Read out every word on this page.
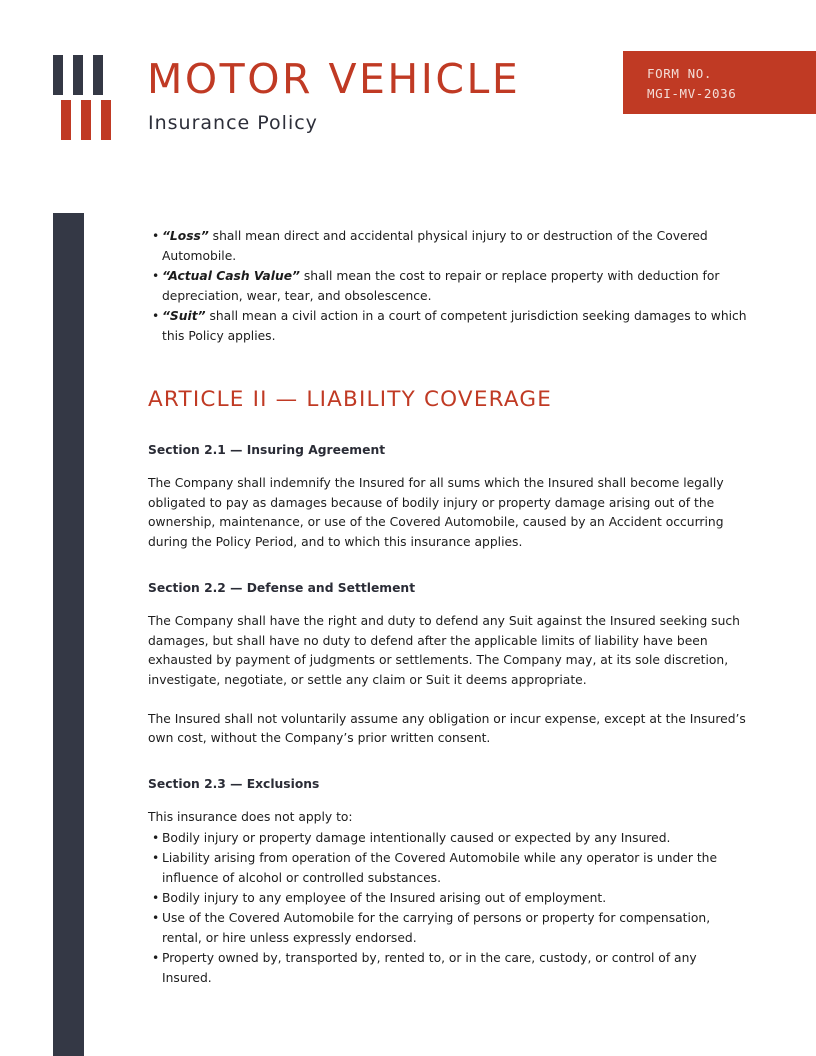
MOTOR VEHICLE
Insurance Policy
FORM NO.
MGI-MV-2036
• “Loss” shall mean direct and accidental physical injury to or destruction of the Covered Automobile.
• “Actual Cash Value” shall mean the cost to repair or replace property with deduction for depreciation, wear, tear, and obsolescence.
• “Suit” shall mean a civil action in a court of competent jurisdiction seeking damages to which this Policy applies.
ARTICLE II — LIABILITY COVERAGE
Section 2.1 — Insuring Agreement

The Company shall indemnify the Insured for all sums which the Insured shall become legally obligated to pay as damages because of bodily injury or property damage arising out of the ownership, maintenance, or use of the Covered Automobile, caused by an Accident occurring during the Policy Period, and to which this insurance applies.

Section 2.2 — Defense and Settlement

The Company shall have the right and duty to defend any Suit against the Insured seeking such damages, but shall have no duty to defend after the applicable limits of liability have been exhausted by payment of judgments or settlements. The Company may, at its sole discretion, investigate, negotiate, or settle any claim or Suit it deems appropriate.

The Insured shall not voluntarily assume any obligation or incur expense, except at the Insured’s own cost, without the Company’s prior written consent.

Section 2.3 — Exclusions

This insurance does not apply to:

• Bodily injury or property damage intentionally caused or expected by any Insured.
• Liability arising from operation of the Covered Automobile while any operator is under the influence of alcohol or controlled substances.
• Bodily injury to any employee of the Insured arising out of employment.
• Use of the Covered Automobile for the carrying of persons or property for compensation, rental, or hire unless expressly endorsed.
• Property owned by, transported by, rented to, or in the care, custody, or control of any Insured.
